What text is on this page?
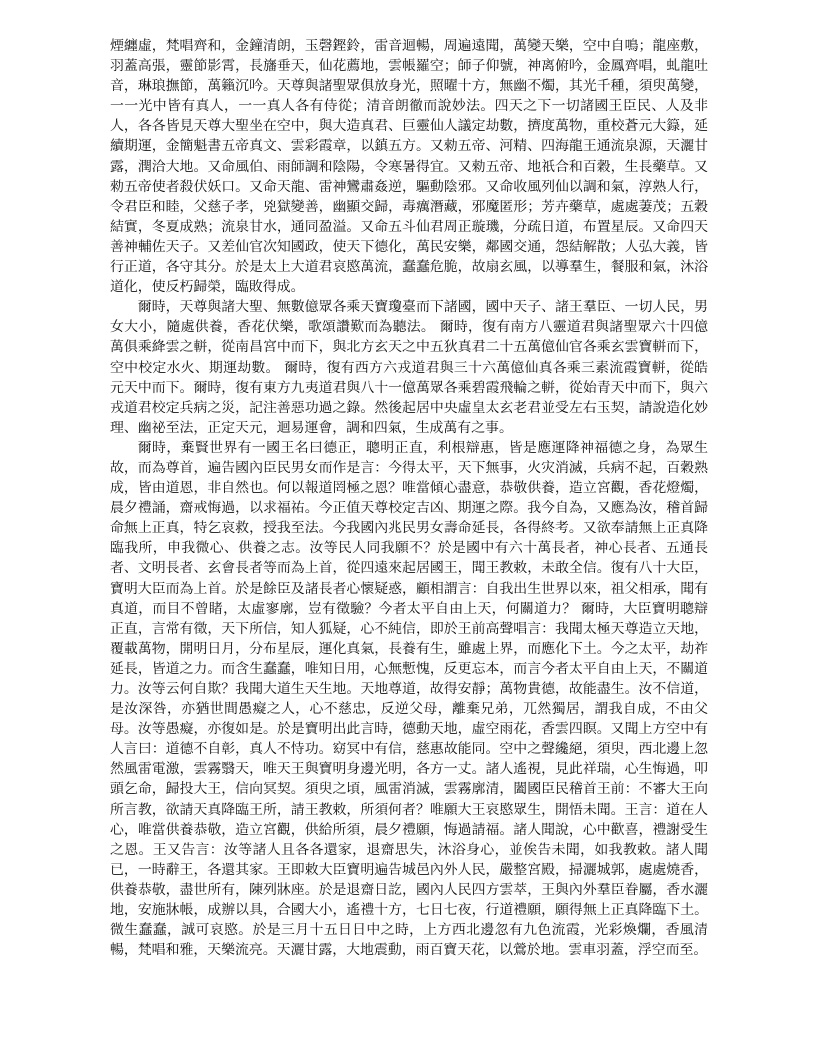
煙纏虛，梵唱齊和，金鐘清朗，玉磬鏗鈴，雷音迴暢，周遍遠聞，萬變天樂，空中自鳴；龍座敷，羽蓋高張，靈節影霄，長旛垂天，仙花薦地，雲帳羅空；師子仰號，神离俯吟，金鳳齊唱，虬龍吐音，琳琅撫節，萬籟沉吟。天尊與諸聖眾俱放身光，照曜十方，無幽不燭，其光千種，須臾萬變，一一光中皆有真人，一一真人各有侍從；清音朗徹而說妙法。四天之下一切諸國王臣民、人及非人，各各皆見天尊大聖坐在空中，與大造真君、巨靈仙人議定劫數，擠度萬物，重校蒼元大籙，延續期運，金簡魁書五帝真文、雲彩霞章，以鎮五方。又勑五帝、河精、四海龍王通流泉源，天灑甘露，潤洽大地。又命風伯、雨師調和陰陽，令寒暑得宜。又勑五帝、地祇合和百穀，生長藥草。又勑五帝使者殺伏妖口。又命天龍、雷神鸞肅姦逆，驅動陰邪。又命收風列仙以調和氣，淳熟人行，令君臣和睦，父慈子孝，兇獄變善，幽顯交歸，毒癘潛藏，邪魔匿形；芳卉藥草，處處萋茂；五穀結實，冬夏成熟；流泉甘水，通同盈溢。又命五斗仙君周正璇璣，分疏日道，布置星辰。又命四天善神輔佐天子。又差仙官次知國政，使天下德化，萬民安樂，鄰國交通，怨結解散；人弘大義，皆行正道，各守其分。於是太上大道君哀愍萬流，蠢蠢危脆，故扇玄風，以導羣生，餐服和氣，沐浴道化，使反朽歸榮，臨敗得成。

爾時，天尊與諸大聖、無數億眾各乘天寶瓊臺而下諸國，國中天子、諸王羣臣、一切人民，男女大小，隨處供養，香花伏樂，歌頌讚歎而為聽法。 爾時，復有南方八靈道君與諸聖眾六十四億萬俱乘絳雲之軿，從南昌宮中而下，與北方玄天之中五狄真君二十五萬億仙官各乘玄雲寶軿而下，空中校定水火、期運劫數。 爾時，復有西方六戎道君與三十六萬億仙真各乘三素流霞寶軿，從皓元天中而下。爾時，復有東方九夷道君與八十一億萬眾各乘碧霞飛輪之軿，從始青天中而下，與六戎道君校定兵病之災，記注善惡功過之錄。然後起居中央虛皇太玄老君並受左右玉契，請說造化妙理、幽祕至法，正定天元，迴易運會，調和四氣，生成萬有之事。

爾時，棄賢世界有一國王名曰德正，聰明正直，利根辯惠，皆是應運降神福德之身，為眾生故，而為尊首，遍告國內臣民男女而作是言：今得太平，天下無事，火灾消滅，兵病不起，百穀熟成，皆由道恩，非自然也。何以報道罔極之恩？唯當傾心盡意，恭敬供養，造立宮觀，香花燈燭，晨夕禮誦，齋戒悔過，以求福祐。今正值天尊校定吉凶、期運之際。我今自為，又應為汝，稽首歸命無上正真，特乞哀救，授我至法。今我國內兆民男女壽命延長，各得終考。又欲奉請無上正真降臨我所，申我微心、供養之志。汝等民人同我願不？於是國中有六十萬長者，神心長者、五通長者、文明長者、玄會長者等而為上首，從四遠來起居國王，聞王教敕，未敢全信。復有八十大臣，寶明大臣而為上首。於是餘臣及諸長者心懷疑惑，顧相謂言：自我出生世界以來，祖父相承，聞有真道，而目不曾睹，太虛寥廓，豈有徵驗？今者太平自由上天，何關道力？ 爾時，大臣寶明聰辯正直，言常有徵，天下所信，知人狐疑，心不純信，即於王前高聲唱言：我聞太極天尊造立天地，覆載萬物，開明日月，分布星辰，運化真氣，長養有生，雖處上界，而應化下土。今之太平，劫祚延長，皆道之力。而含生蠢蠢，唯知日用，心無慙愧，反更忘本，而言今者太平自由上天，不關道力。汝等云何自欺？我聞大道生天生地。天地尊道，故得安靜；萬物貴德，故能盡生。汝不信道，是汝深咎，亦猶世間愚癡之人，心不慈忠，反逆父母，離棄兄弟，兀然獨居，謂我自成，不由父母。汝等愚癡，亦復如是。於是寶明出此言時，德動天地，虛空雨花，香雲四瞑。又聞上方空中有人言曰：道德不自彰，真人不恃功。窈冥中有信，慈惠故能同。空中之聲纔絕，須臾，西北邊上忽然風雷電激，雲霧翳天，唯天王與寶明身邊光明，各方一丈。諸人遙視，見此祥瑞，心生悔過，叩頭乞命，歸投大王，信向冥契。須臾之頃，風雷消滅，雲霧廓清，闔國臣民稽首王前：不審大王向所言教，欲請天真降臨王所，請王教敕，所須何者？唯願大王哀愍眾生，開悟未聞。王言：道在人心，唯當供養恭敬，造立宮觀，供給所須，晨夕禮願，悔過請福。諸人聞說，心中歡喜，禮謝受生之恩。王又告言：汝等諸人且各各還家，退齋思失，沐浴身心，並俟告未聞，如我教敕。諸人聞已，一時辭王，各還其家。王即敕大臣寶明遍告城邑內外人民，嚴整宮殿，掃灑城郭，處處燒香，供養恭敬，盡世所有，陳列牀座。於是退齋日訖，國內人民四方雲萃，王與內外羣臣眷屬，香水灑地，安施牀帳，成辦以具，合國大小，遙禮十方，七日七夜，行道禮願，願得無上正真降臨下土。微生蠢蠢，誠可哀愍。於是三月十五日日中之時，上方西北邊忽有九色流霞，光彩煥爛，香風清暢，梵唱和雅，天樂流亮。天灑甘露，大地震動，雨百寶天花，以鶯於地。雲車羽蓋，浮空而至。
